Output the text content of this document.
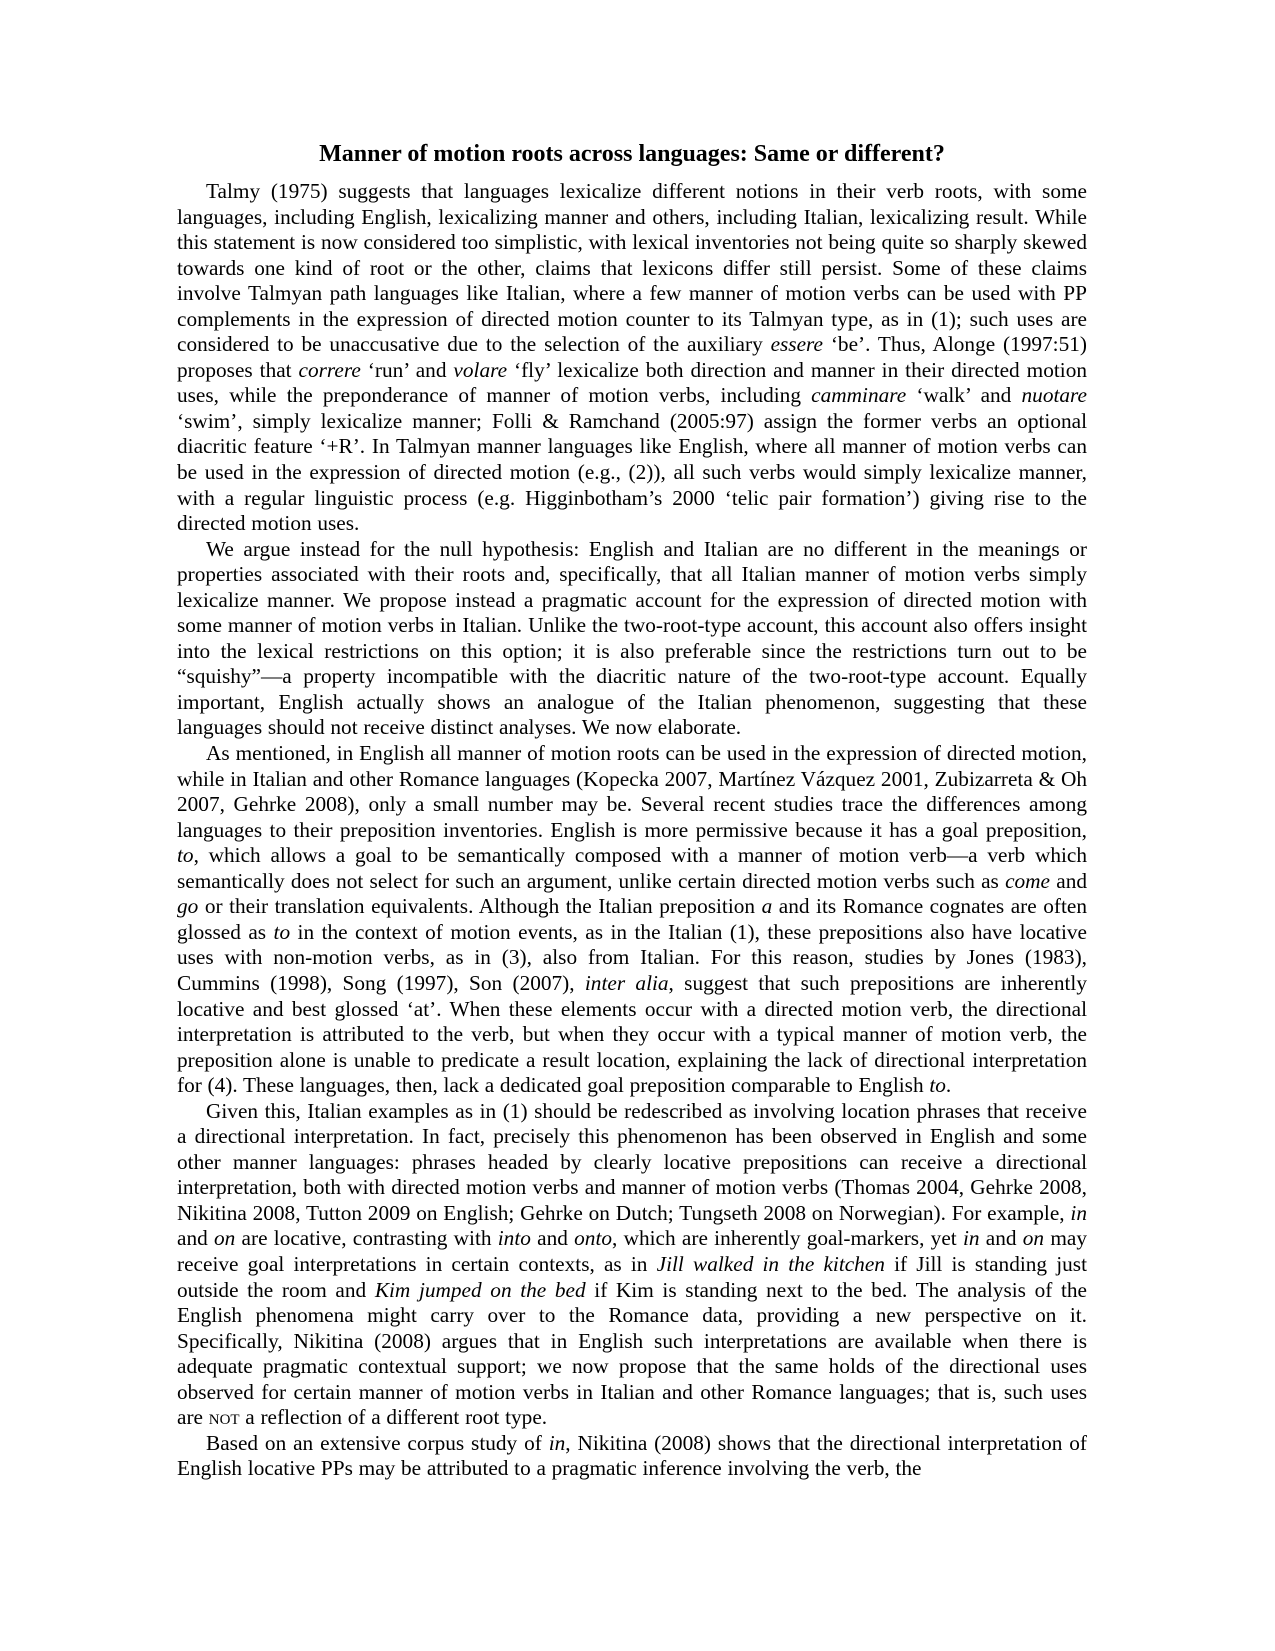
Manner of motion roots across languages: Same or different?

Talmy (1975) suggests that languages lexicalize different notions in their verb roots, with some languages, including English, lexicalizing manner and others, including Italian, lexicalizing result. While this statement is now considered too simplistic, with lexical inventories not being quite so sharply skewed towards one kind of root or the other, claims that lexicons differ still persist. Some of these claims involve Talmyan path languages like Italian, where a few manner of motion verbs can be used with PP complements in the expression of directed motion counter to its Talmyan type, as in (1); such uses are considered to be unaccusative due to the selection of the auxiliary essere ‘be’. Thus, Alonge (1997:51) proposes that correre ‘run’ and volare ‘fly’ lexicalize both direction and manner in their directed motion uses, while the preponderance of manner of motion verbs, including camminare ‘walk’ and nuotare ‘swim’, simply lexicalize manner; Folli & Ramchand (2005:97) assign the former verbs an optional diacritic feature ‘+R’. In Talmyan manner languages like English, where all manner of motion verbs can be used in the expression of directed motion (e.g., (2)), all such verbs would simply lexicalize manner, with a regular linguistic process (e.g. Higginbotham’s 2000 ‘telic pair formation’) giving rise to the directed motion uses.

We argue instead for the null hypothesis: English and Italian are no different in the meanings or properties associated with their roots and, specifically, that all Italian manner of motion verbs simply lexicalize manner. We propose instead a pragmatic account for the expression of directed motion with some manner of motion verbs in Italian. Unlike the two-root-type account, this account also offers insight into the lexical restrictions on this option; it is also preferable since the restrictions turn out to be “squishy”—a property incompatible with the diacritic nature of the two-root-type account. Equally important, English actually shows an analogue of the Italian phenomenon, suggesting that these languages should not receive distinct analyses. We now elaborate.

As mentioned, in English all manner of motion roots can be used in the expression of directed motion, while in Italian and other Romance languages (Kopecka 2007, Martínez Vázquez 2001, Zubizarreta & Oh 2007, Gehrke 2008), only a small number may be. Several recent studies trace the differences among languages to their preposition inventories. English is more permissive because it has a goal preposition, to, which allows a goal to be semantically composed with a manner of motion verb—a verb which semantically does not select for such an argument, unlike certain directed motion verbs such as come and go or their translation equivalents. Although the Italian preposition a and its Romance cognates are often glossed as to in the context of motion events, as in the Italian (1), these prepositions also have locative uses with non-motion verbs, as in (3), also from Italian. For this reason, studies by Jones (1983), Cummins (1998), Song (1997), Son (2007), inter alia, suggest that such prepositions are inherently locative and best glossed ‘at’. When these elements occur with a directed motion verb, the directional interpretation is attributed to the verb, but when they occur with a typical manner of motion verb, the preposition alone is unable to predicate a result location, explaining the lack of directional interpretation for (4). These languages, then, lack a dedicated goal preposition comparable to English to.

Given this, Italian examples as in (1) should be redescribed as involving location phrases that receive a directional interpretation. In fact, precisely this phenomenon has been observed in English and some other manner languages: phrases headed by clearly locative prepositions can receive a directional interpretation, both with directed motion verbs and manner of motion verbs (Thomas 2004, Gehrke 2008, Nikitina 2008, Tutton 2009 on English; Gehrke on Dutch; Tungseth 2008 on Norwegian). For example, in and on are locative, contrasting with into and onto, which are inherently goal-markers, yet in and on may receive goal interpretations in certain contexts, as in Jill walked in the kitchen if Jill is standing just outside the room and Kim jumped on the bed if Kim is standing next to the bed. The analysis of the English phenomena might carry over to the Romance data, providing a new perspective on it. Specifically, Nikitina (2008) argues that in English such interpretations are available when there is adequate pragmatic contextual support; we now propose that the same holds of the directional uses observed for certain manner of motion verbs in Italian and other Romance languages; that is, such uses are not a reflection of a different root type.

Based on an extensive corpus study of in, Nikitina (2008) shows that the directional interpretation of English locative PPs may be attributed to a pragmatic inference involving the verb, the
